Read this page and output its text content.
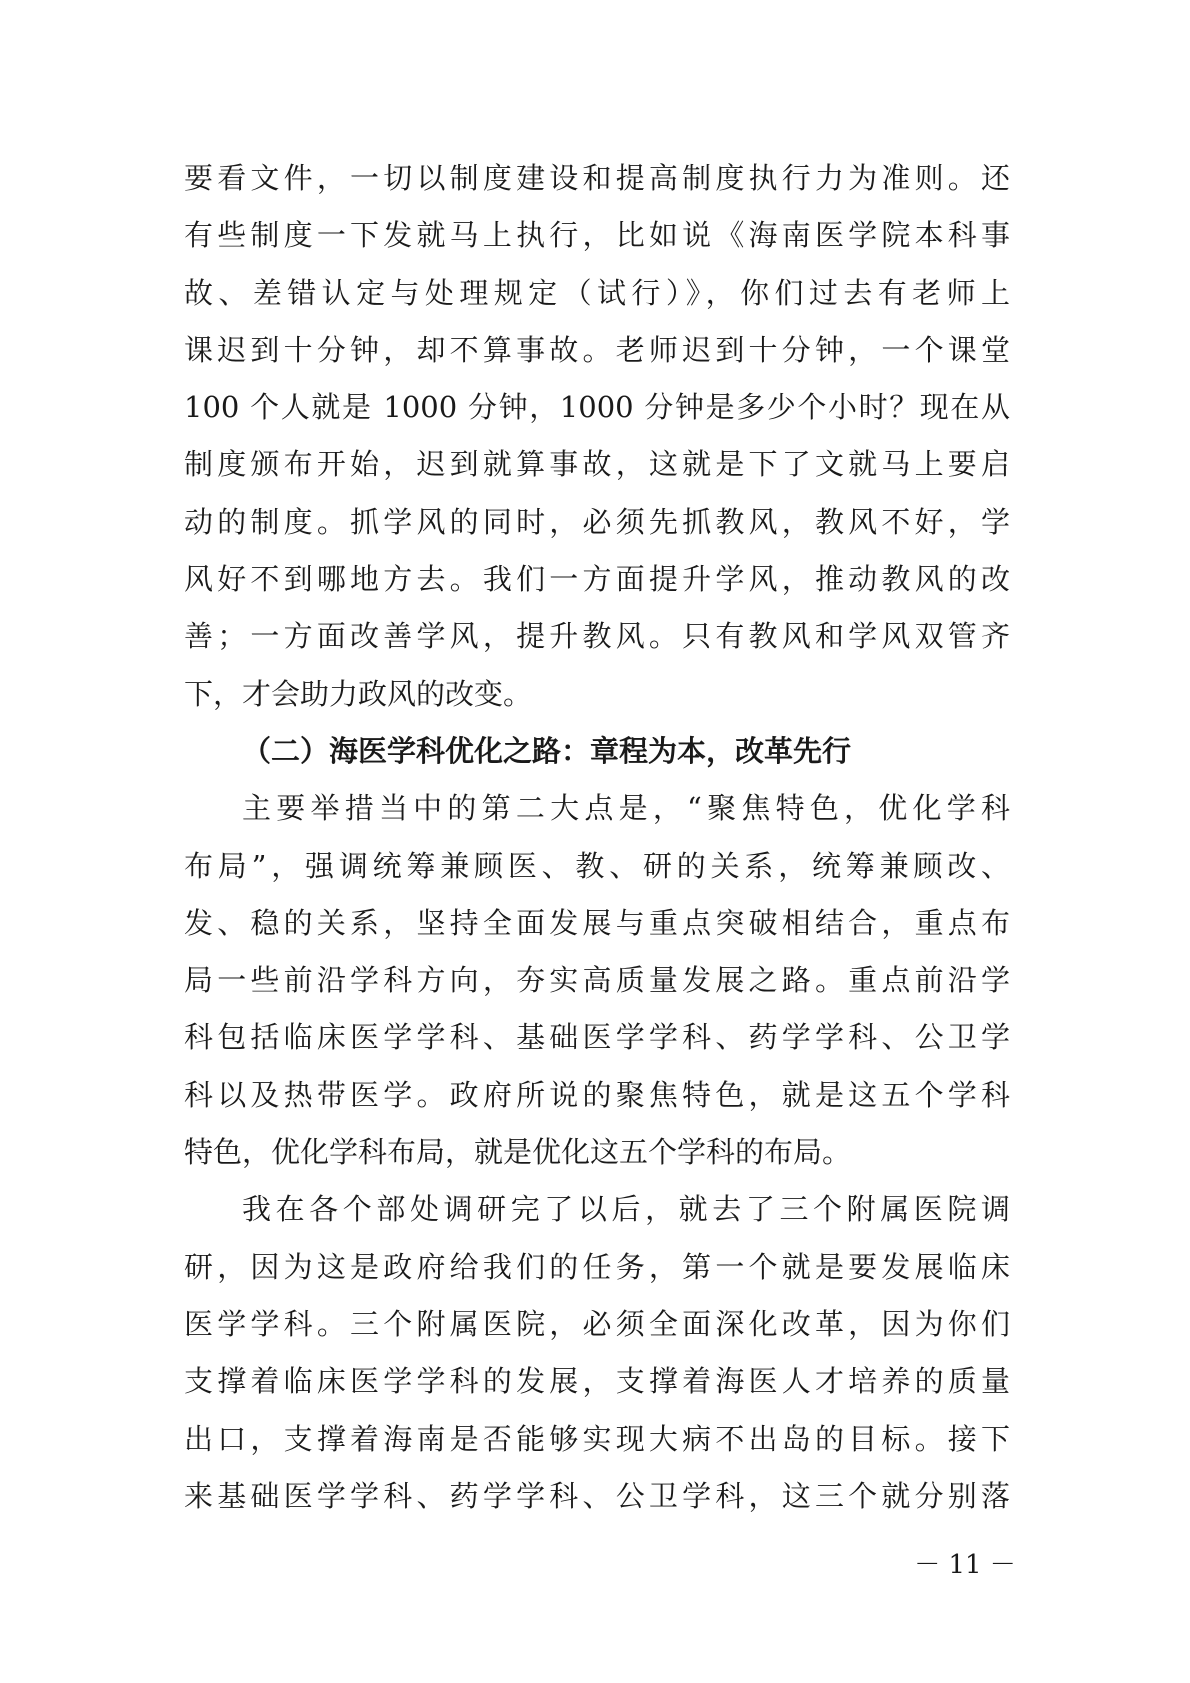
要看文件，一切以制度建设和提高制度执行力为准则。还
有些制度一下发就马上执行，比如说《海南医学院本科事
故、差错认定与处理规定（试行）》，你们过去有老师上
课迟到十分钟，却不算事故。老师迟到十分钟，一个课堂
100 个人就是 1000 分钟，1000 分钟是多少个小时？现在从
制度颁布开始，迟到就算事故，这就是下了文就马上要启
动的制度。抓学风的同时，必须先抓教风，教风不好，学
风好不到哪地方去。我们一方面提升学风，推动教风的改
善；一方面改善学风，提升教风。只有教风和学风双管齐
下，才会助力政风的改变。
（二）海医学科优化之路：章程为本，改革先行
主要举措当中的第二大点是，“聚焦特色，优化学科
布局”，强调统筹兼顾医、教、研的关系，统筹兼顾改、
发、稳的关系，坚持全面发展与重点突破相结合，重点布
局一些前沿学科方向，夯实高质量发展之路。重点前沿学
科包括临床医学学科、基础医学学科、药学学科、公卫学
科以及热带医学。政府所说的聚焦特色，就是这五个学科
特色，优化学科布局，就是优化这五个学科的布局。
我在各个部处调研完了以后，就去了三个附属医院调
研，因为这是政府给我们的任务，第一个就是要发展临床
医学学科。三个附属医院，必须全面深化改革，因为你们
支撑着临床医学学科的发展，支撑着海医人才培养的质量
出口，支撑着海南是否能够实现大病不出岛的目标。接下
来基础医学学科、药学学科、公卫学科，这三个就分别落
－ 11 －
